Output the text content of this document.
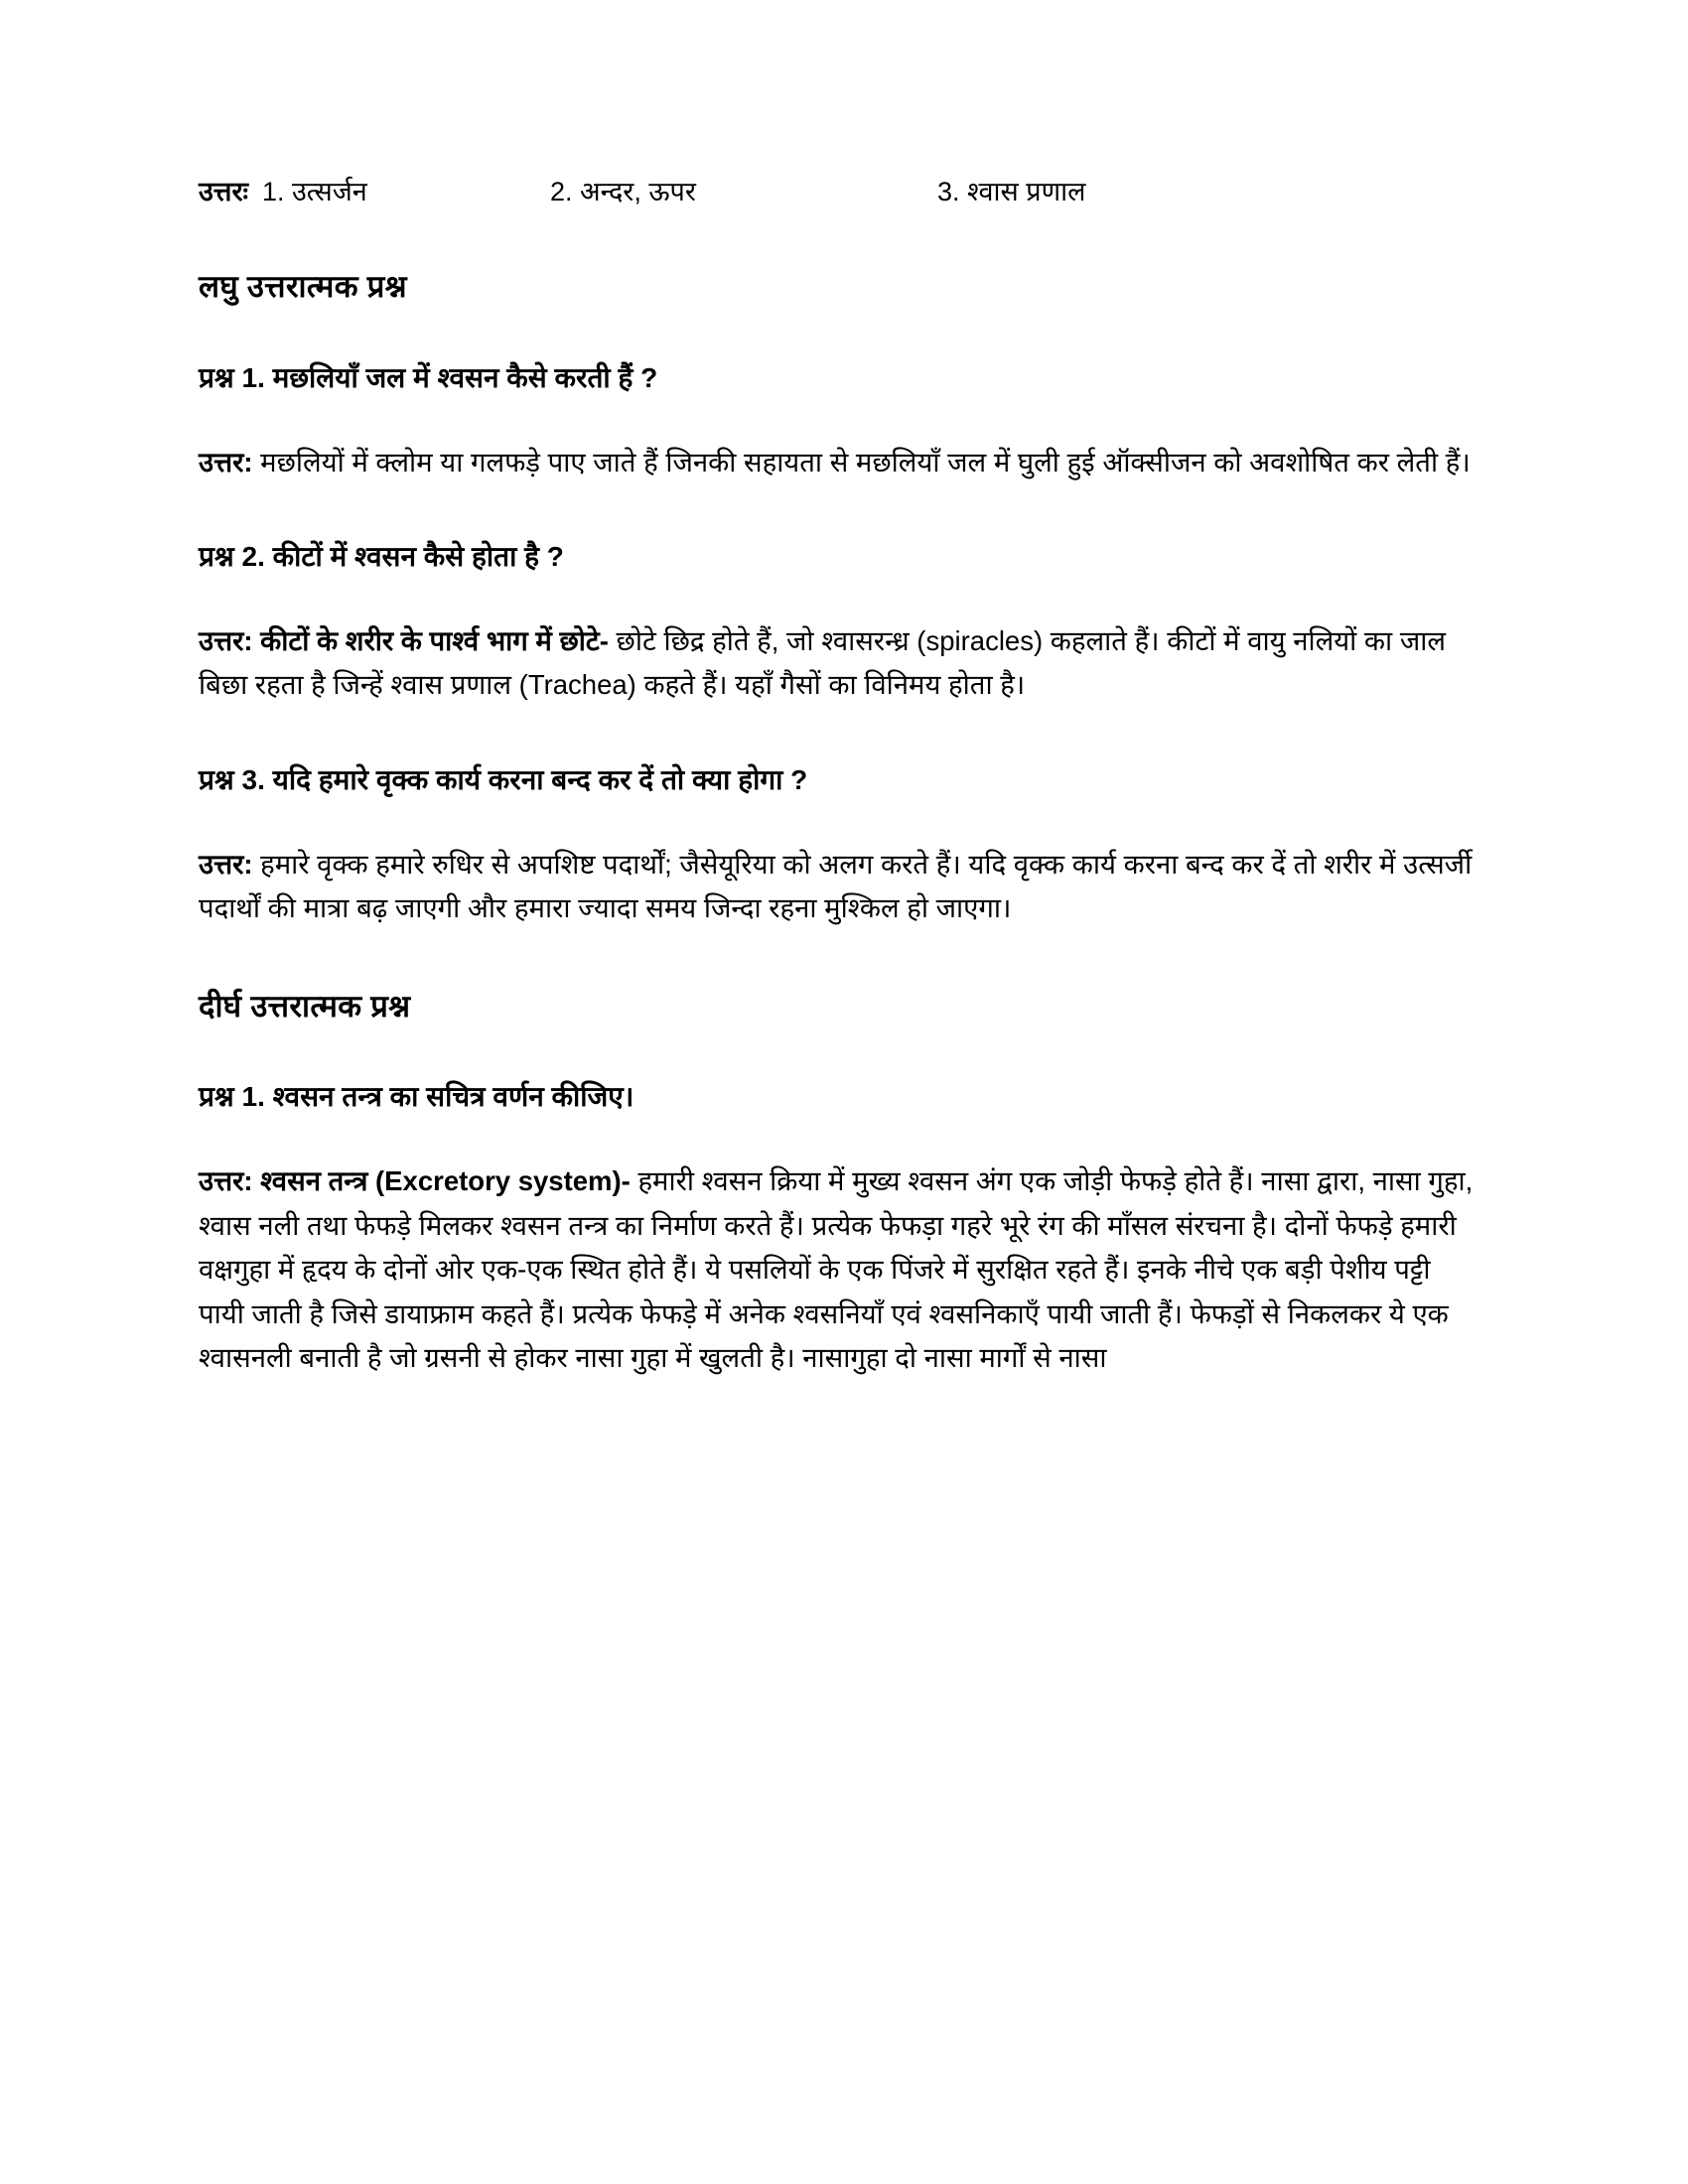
उत्तरः 1. उत्सर्जन	2. अन्दर, ऊपर	3. श्वास प्रणाल
लघु उत्तरात्मक प्रश्न
प्रश्न 1. मछलियाँ जल में श्वसन कैसे करती हैं ?

उत्तर: मछलियों में क्लोम या गलफड़े पाए जाते हैं जिनकी सहायता से मछलियाँ जल में घुली हुई ऑक्सीजन को अवशोषित कर लेती हैं।

प्रश्न 2. कीटों में श्वसन कैसे होता है ?

उत्तर: कीटों के शरीर के पार्श्व भाग में छोटे- छोटे छिद्र होते हैं, जो श्वासरन्ध्र (spiracles) कहलाते हैं। कीटों में वायु नलियों का जाल बिछा रहता है जिन्हें श्वास प्रणाल (Trachea) कहते हैं। यहाँ गैसों का विनिमय होता है।

प्रश्न 3. यदि हमारे वृक्क कार्य करना बन्द कर दें तो क्या होगा ?

उत्तर: हमारे वृक्क हमारे रुधिर से अपशिष्ट पदार्थों; जैसेयूरिया को अलग करते हैं। यदि वृक्क कार्य करना बन्द कर दें तो शरीर में उत्सर्जी पदार्थों की मात्रा बढ़ जाएगी और हमारा ज्यादा समय जिन्दा रहना मुश्किल हो जाएगा।

दीर्घ उत्तरात्मक प्रश्न
प्रश्न 1. श्वसन तन्त्र का सचित्र वर्णन कीजिए।

उत्तर: श्वसन तन्त्र (Excretory system)- हमारी श्वसन क्रिया में मुख्य श्वसन अंग एक जोड़ी फेफड़े होते हैं। नासा द्वारा, नासा गुहा, श्वास नली तथा फेफड़े मिलकर श्वसन तन्त्र का निर्माण करते हैं। प्रत्येक फेफड़ा गहरे भूरे रंग की माँसल संरचना है। दोनों फेफड़े हमारी वक्षगुहा में हृदय के दोनों ओर एक-एक स्थित होते हैं। ये पसलियों के एक पिंजरे में सुरक्षित रहते हैं। इनके नीचे एक बड़ी पेशीय पट्टी पायी जाती है जिसे डायाफ्राम कहते हैं। प्रत्येक फेफड़े में अनेक श्वसनियाँ एवं श्वसनिकाएँ पायी जाती हैं। फेफड़ों से निकलकर ये एक श्वासनली बनाती है जो ग्रसनी से होकर नासा गुहा में खुलती है। नासागुहा दो नासा मार्गों से नासा
